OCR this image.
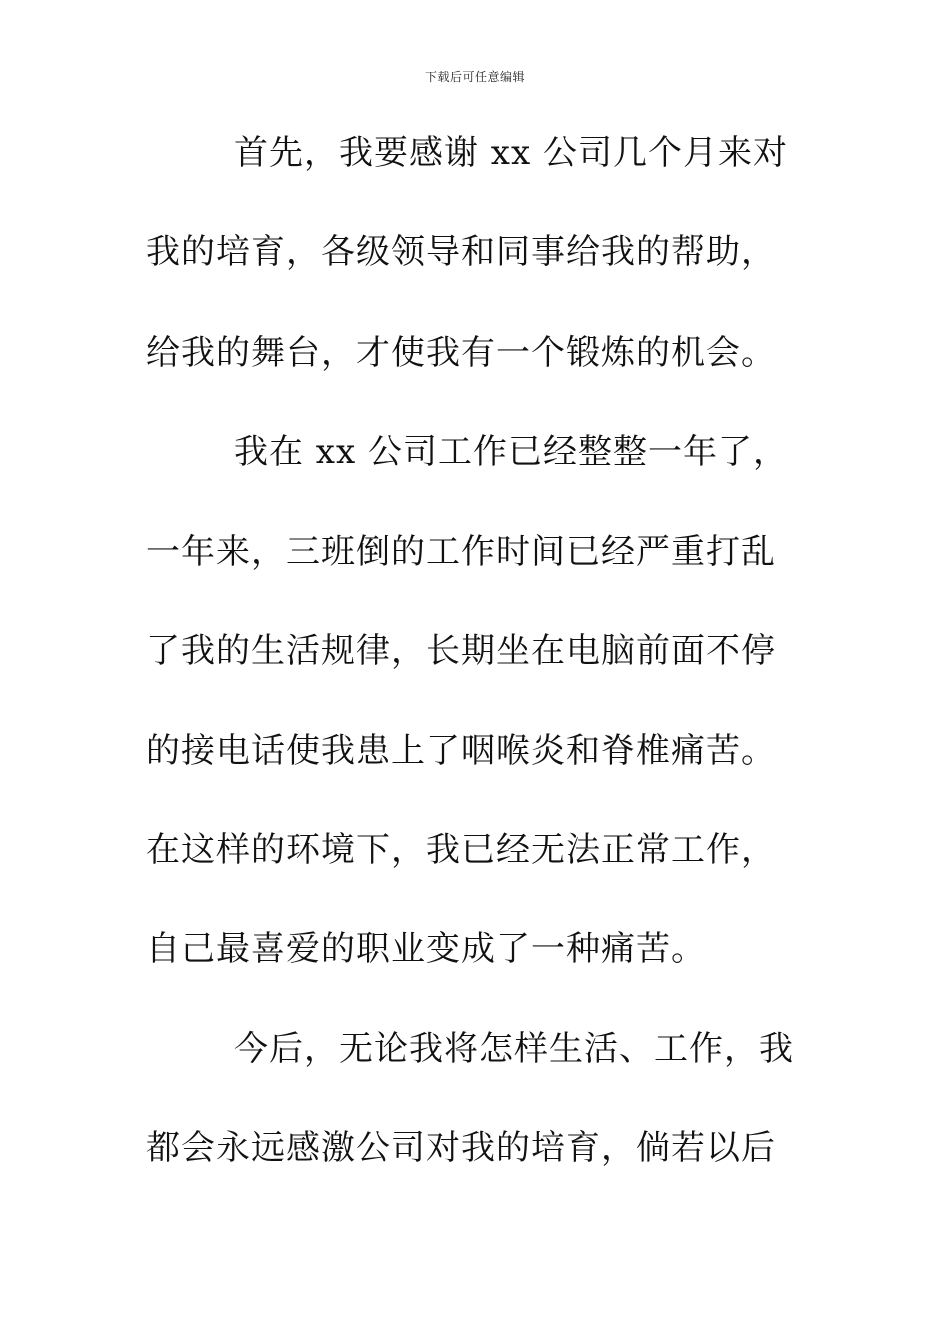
下载后可任意编辑
首先，我要感谢 xx 公司几个月来对
我的培育，各级领导和同事给我的帮助，
给我的舞台，才使我有一个锻炼的机会。
我在 xx 公司工作已经整整一年了，
一年来，三班倒的工作时间已经严重打乱
了我的生活规律，长期坐在电脑前面不停
的接电话使我患上了咽喉炎和脊椎痛苦。
在这样的环境下，我已经无法正常工作，
自己最喜爱的职业变成了一种痛苦。
今后，无论我将怎样生活、工作，我
都会永远感激公司对我的培育，倘若以后
